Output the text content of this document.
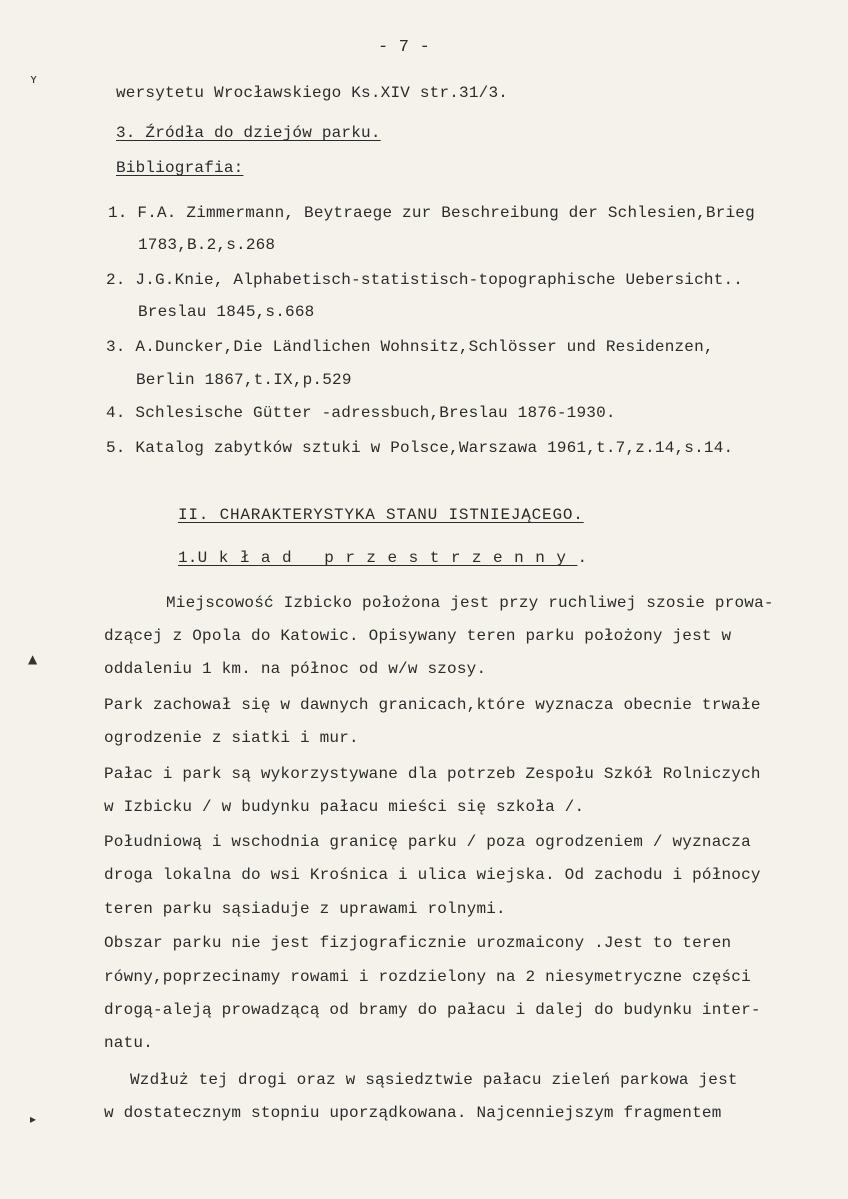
ʏ
▲
▸
- 7 -
wersytetu Wrocławskiego Ks.XIV str.31/3.
3. Źródła do dziejów parku.
Bibliografia:
1. F.A. Zimmermann, Beytraege zur Beschreibung der Schlesien,Brieg
1783,B.2,s.268
2. J.G.Knie, Alphabetisch-statistisch-topographische Uebersicht..
Breslau 1845,s.668
3. A.Duncker,Die Ländlichen Wohnsitz,Schlösser und Residenzen,
Berlin 1867,t.IX,p.529
4. Schlesische Gütter -adressbuch,Breslau 1876-1930.
5. Katalog zabytków sztuki w Polsce,Warszawa 1961,t.7,z.14,s.14.
II. CHARAKTERYSTYKA STANU ISTNIEJĄCEGO.
1.Układ przestrzenny.
Miejscowość Izbicko położona jest przy ruchliwej szosie prowa-
dzącej z Opola do Katowic. Opisywany teren parku położony jest w
oddaleniu 1 km. na północ od w/w szosy.
Park zachował się w dawnych granicach,które wyznacza obecnie trwałe
ogrodzenie z siatki i mur.
Pałac i park są wykorzystywane dla potrzeb Zespołu Szkół Rolniczych
w Izbicku / w budynku pałacu mieści się szkoła /.
Południową i wschodnia granicę parku / poza ogrodzeniem / wyznacza
droga lokalna do wsi Krośnica i ulica wiejska. Od zachodu i północy
teren parku sąsiaduje z uprawami rolnymi.
Obszar parku nie jest fizjograficznie urozmaicony .Jest to teren
równy,poprzecinamy rowami i rozdzielony na 2 niesymetryczne części
drogą-aleją prowadzącą od bramy do pałacu i dalej do budynku inter-
natu.
Wzdłuż tej drogi oraz w sąsiedztwie pałacu zieleń parkowa jest
w dostatecznym stopniu uporządkowana. Najcenniejszym fragmentem
